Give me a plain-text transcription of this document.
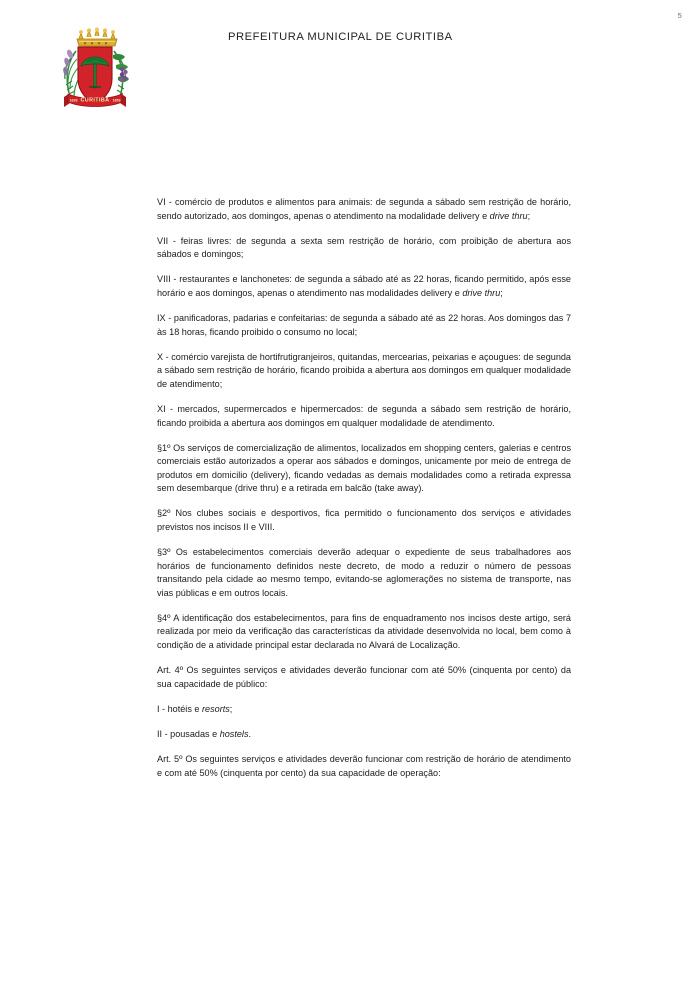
5
CURITIBA
1693	1853
PREFEITURA MUNICIPAL DE CURITIBA
VI - comércio de produtos e alimentos para animais: de segunda a sábado sem restrição de horário, sendo autorizado, aos domingos, apenas o atendimento na modalidade delivery e drive thru;
VII - feiras livres: de segunda a sexta sem restrição de horário, com proibição de abertura aos sábados e domingos;
VIII - restaurantes e lanchonetes: de segunda a sábado até as 22 horas, ficando permitido, após esse horário e aos domingos, apenas o atendimento nas modalidades delivery e drive thru;
IX - panificadoras, padarias e confeitarias: de segunda a sábado até as 22 horas. Aos domingos das 7 às 18 horas, ficando proibido o consumo no local;
X - comércio varejista de hortifrutigranjeiros, quitandas, mercearias, peixarias e açougues: de segunda a sábado sem restrição de horário, ficando proibida a abertura aos domingos em qualquer modalidade de atendimento;
XI - mercados, supermercados e hipermercados: de segunda a sábado sem restrição de horário, ficando proibida a abertura aos domingos em qualquer modalidade de atendimento.
§1º Os serviços de comercialização de alimentos, localizados em shopping centers, galerias e centros comerciais estão autorizados a operar aos sábados e domingos, unicamente por meio de entrega de produtos em domicilio (delivery), ficando vedadas as demais modalidades como a retirada expressa sem desembarque (drive thru) e a retirada em balcão (take away).
§2º Nos clubes sociais e desportivos, fica permitido o funcionamento dos serviços e atividades previstos nos incisos II e VIII.
§3º Os estabelecimentos comerciais deverão adequar o expediente de seus trabalhadores aos horários de funcionamento definidos neste decreto, de modo a reduzir o número de pessoas transitando pela cidade ao mesmo tempo, evitando-se aglomerações no sistema de transporte, nas vias públicas e em outros locais.
§4º A identificação dos estabelecimentos, para fins de enquadramento nos incisos deste artigo, será realizada por meio da verificação das características da atividade desenvolvida no local, bem como à condição de a atividade principal estar declarada no Alvará de Localização.
Art. 4º Os seguintes serviços e atividades deverão funcionar com até 50% (cinquenta por cento) da sua capacidade de público:
I - hotéis e resorts;
II - pousadas e hostels.
Art. 5º Os seguintes serviços e atividades deverão funcionar com restrição de horário de atendimento e com até 50% (cinquenta por cento) da sua capacidade de operação:
